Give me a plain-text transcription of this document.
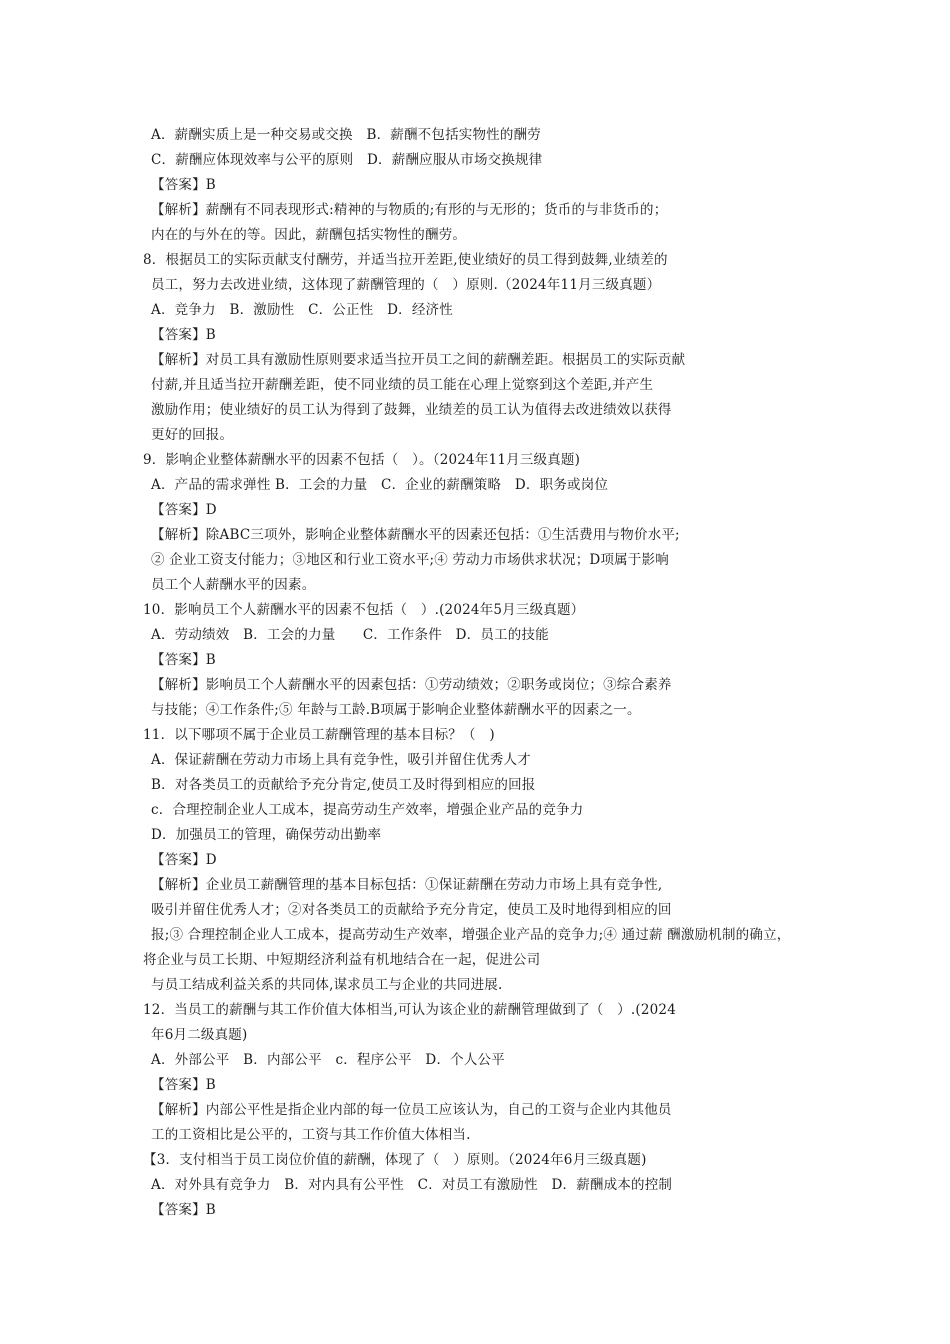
A．薪酬实质上是一种交易或交换　B．薪酬不包括实物性的酬劳
C．薪酬应体现效率与公平的原则　D．薪酬应服从市场交换规律
【答案】B
【解析】薪酬有不同表现形式:精神的与物质的;有形的与无形的；货币的与非货币的；
内在的与外在的等。因此，薪酬包括实物性的酬劳。
8．根据员工的实际贡献支付酬劳，并适当拉开差距,使业绩好的员工得到鼓舞,业绩差的
员工，努力去改进业绩，这体现了薪酬管理的（　）原则.（2024年11月三级真题）
A．竞争力　B．激励性　C．公正性　D．经济性
【答案】B
【解析】对员工具有激励性原则要求适当拉开员工之间的薪酬差距。根据员工的实际贡献
付薪,并且适当拉开薪酬差距，使不同业绩的员工能在心理上觉察到这个差距,并产生
激励作用；使业绩好的员工认为得到了鼓舞，业绩差的员工认为值得去改进绩效以获得
更好的回报。
9．影响企业整体薪酬水平的因素不包括（　）。（2024年11月三级真题)
A．产品的需求弹性 B．工会的力量　C．企业的薪酬策略　D．职务或岗位
【答案】D
【解析】除ABC三项外，影响企业整体薪酬水平的因素还包括：①生活费用与物价水平;
② 企业工资支付能力；③地区和行业工资水平;④ 劳动力市场供求状况；D项属于影响
员工个人薪酬水平的因素。
10．影响员工个人薪酬水平的因素不包括（　）.(2024年5月三级真题）
A．劳动绩效　B．工会的力量　　C．工作条件　D．员工的技能
【答案】B
【解析】影响员工个人薪酬水平的因素包括：①劳动绩效；②职务或岗位；③综合素养
与技能；④工作条件;⑤ 年龄与工龄.B项属于影响企业整体薪酬水平的因素之一。
11．以下哪项不属于企业员工薪酬管理的基本目标？（　)
A．保证薪酬在劳动力市场上具有竞争性，吸引并留住优秀人才
B．对各类员工的贡献给予充分肯定,使员工及时得到相应的回报
c．合理控制企业人工成本，提高劳动生产效率，增强企业产品的竞争力
D．加强员工的管理，确保劳动出勤率
【答案】D
【解析】企业员工薪酬管理的基本目标包括：①保证薪酬在劳动力市场上具有竞争性,
吸引并留住优秀人才；②对各类员工的贡献给予充分肯定，使员工及时地得到相应的回
报;③ 合理控制企业人工成本，提高劳动生产效率，增强企业产品的竞争力;④ 通过薪 酬激励机制的确立，
将企业与员工长期、中短期经济利益有机地结合在一起，促进公司
与员工结成利益关系的共同体,谋求员工与企业的共同进展.
12．当员工的薪酬与其工作价值大体相当,可认为该企业的薪酬管理做到了（　）.(2024
年6月二级真题)
A．外部公平　B．内部公平　c．程序公平　D．个人公平
【答案】B
【解析】内部公平性是指企业内部的每一位员工应该认为，自己的工资与企业内其他员
工的工资相比是公平的，工资与其工作价值大体相当.
【3．支付相当于员工岗位价值的薪酬，体现了（　）原则。（2024年6月三级真题)
A．对外具有竞争力　B．对内具有公平性　C．对员工有激励性　D．薪酬成本的控制
【答案】B
